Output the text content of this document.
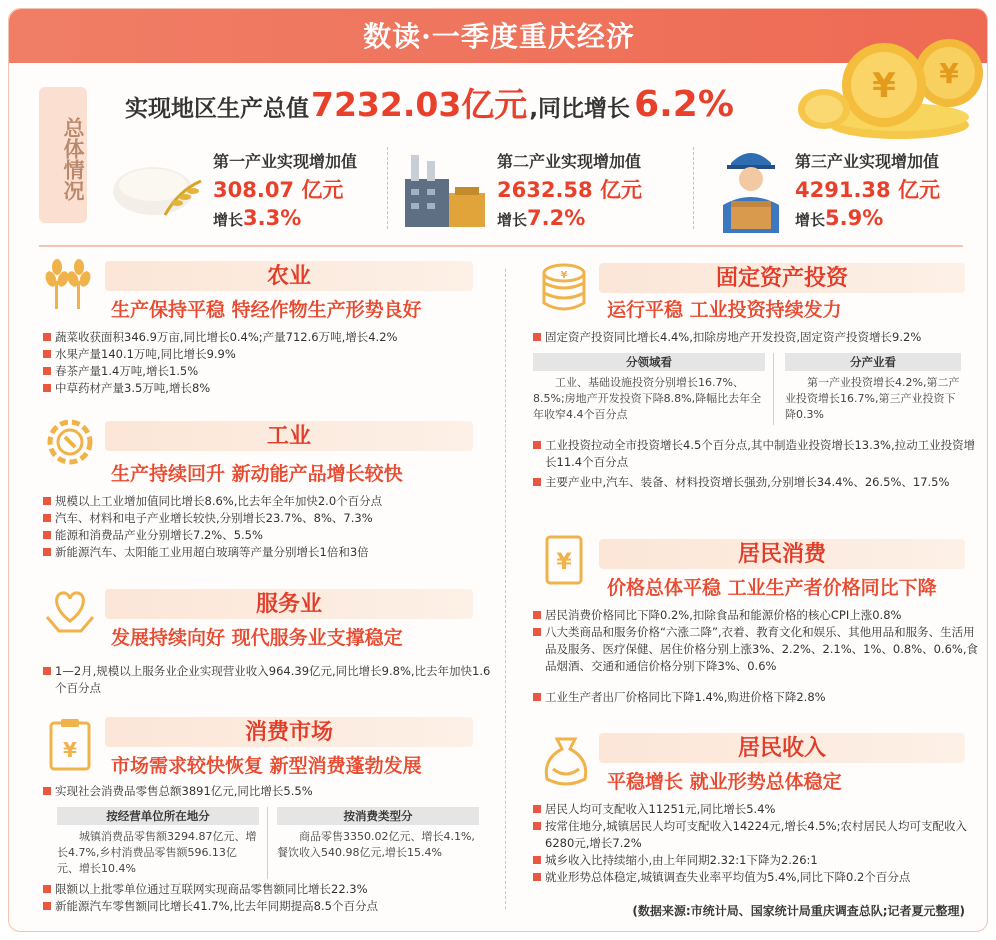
数读·一季度重庆经济
¥
¥
总体情况
实现地区生产总值 7232.03亿元 ,同比增长 6.2%
第一产业实现增加值
308.07 亿元
增长3.3%
第二产业实现增加值
2632.58 亿元
增长7.2%
第三产业实现增加值
4291.38 亿元
增长5.9%
农业
生产保持平稳 特经作物生产形势良好
蔬菜收获面积346.9万亩,同比增长0.4%;产量712.6万吨,增长4.2%
水果产量140.1万吨,同比增长9.9%
春茶产量1.4万吨,增长1.5%
中草药材产量3.5万吨,增长8%
工业
生产持续回升 新动能产品增长较快
规模以上工业增加值同比增长8.6%,比去年全年加快2.0个百分点
汽车、材料和电子产业增长较快,分别增长23.7%、8%、7.3%
能源和消费品产业分别增长7.2%、5.5%
新能源汽车、太阳能工业用超白玻璃等产量分别增长1倍和3倍
服务业
发展持续向好 现代服务业支撑稳定
1—2月,规模以上服务业企业实现营业收入964.39亿元,同比增长9.8%,比去年加快1.6个百分点
¥
消费市场
市场需求较快恢复 新型消费蓬勃发展
实现社会消费品零售总额3891亿元,同比增长5.5%
按经营单位所在地分
城镇消费品零售额3294.87亿元、增长4.7%,乡村消费品零售额596.13亿元、增长10.4%
按消费类型分
商品零售3350.02亿元、增长4.1%,餐饮收入540.98亿元,增长15.4%
限额以上批零单位通过互联网实现商品零售额同比增长22.3%
新能源汽车零售额同比增长41.7%,比去年同期提高8.5个百分点
¥	固定资产投资
运行平稳 工业投资持续发力
固定资产投资同比增长4.4%,扣除房地产开发投资,固定资产投资增长9.2%
分领域看
工业、基础设施投资分别增长16.7%、8.5%;房地产开发投资下降8.8%,降幅比去年全年收窄4.4个百分点
分产业看
第一产业投资增长4.2%,第二产业投资增长16.7%,第三产业投资下降0.3%
工业投资拉动全市投资增长4.5个百分点,其中制造业投资增长13.3%,拉动工业投资增长11.4个百分点
主要产业中,汽车、装备、材料投资增长强劲,分别增长34.4%、26.5%、17.5%
¥	居民消费
价格总体平稳 工业生产者价格同比下降
居民消费价格同比下降0.2%,扣除食品和能源价格的核心CPI上涨0.8%
八大类商品和服务价格“六涨二降”,衣着、教育文化和娱乐、其他用品和服务、生活用品及服务、医疗保健、居住价格分别上涨3%、2.2%、2.1%、1%、0.8%、0.6%,食品烟酒、交通和通信价格分别下降3%、0.6%
工业生产者出厂价格同比下降1.4%,购进价格下降2.8%
居民收入
平稳增长 就业形势总体稳定
居民人均可支配收入11251元,同比增长5.4%
按常住地分,城镇居民人均可支配收入14224元,增长4.5%;农村居民人均可支配收入6280元,增长7.2%
城乡收入比持续缩小,由上年同期2.32:1下降为2.26:1
就业形势总体稳定,城镇调查失业率平均值为5.4%,同比下降0.2个百分点
(数据来源:市统计局、国家统计局重庆调查总队;记者夏元整理)
